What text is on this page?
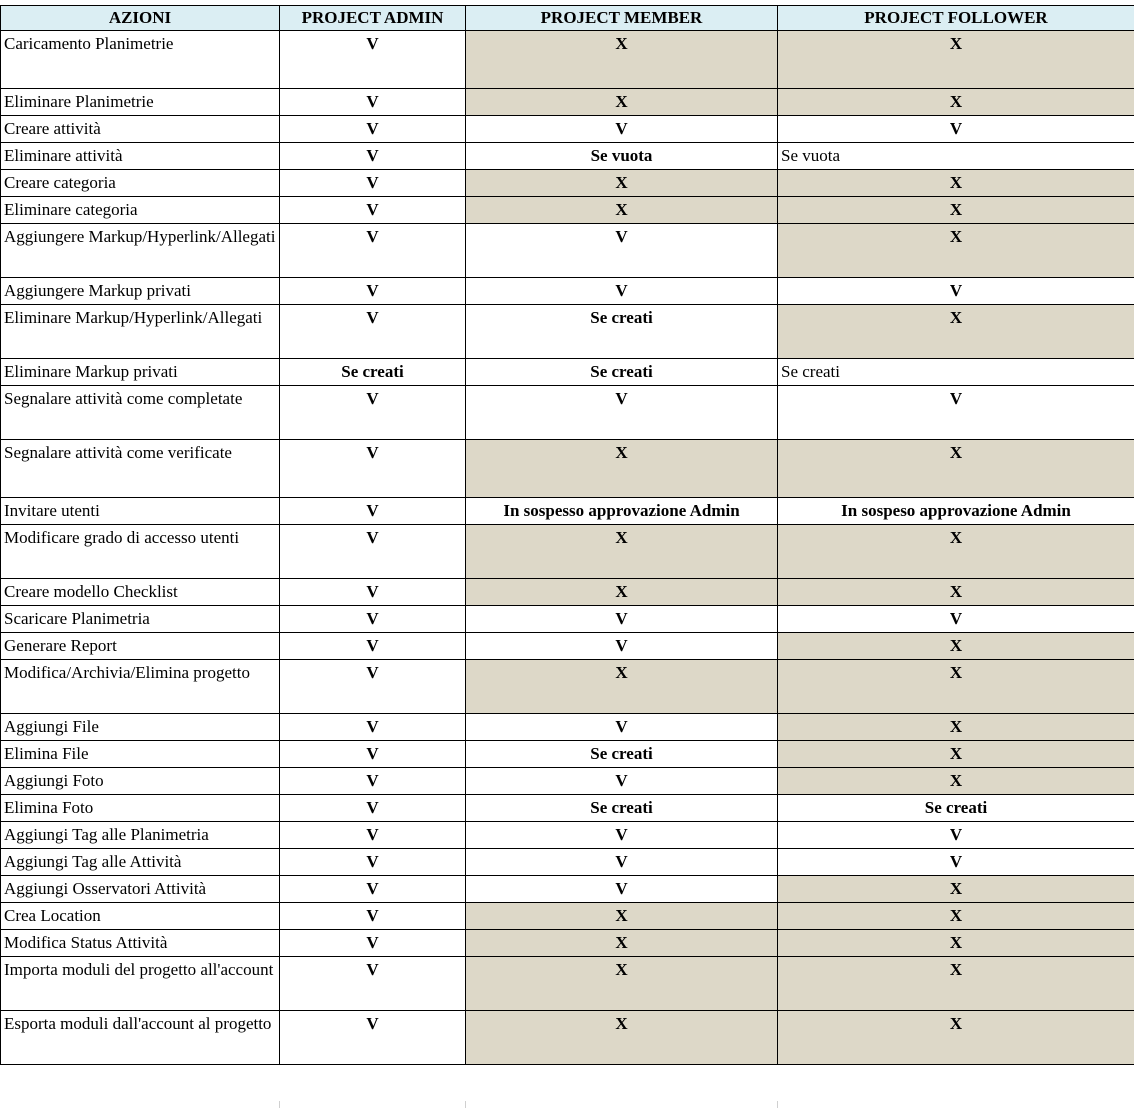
AZIONI	PROJECT ADMIN	PROJECT MEMBER	PROJECT FOLLOWER
Caricamento Planimetrie	V	X	X
Eliminare Planimetrie	V	X	X
Creare attività	V	V	V
Eliminare attività	V	Se vuota	Se vuota
Creare categoria	V	X	X
Eliminare categoria	V	X	X
Aggiungere Markup/Hyperlink/Allegati	V	V	X
Aggiungere Markup privati	V	V	V
Eliminare Markup/Hyperlink/Allegati	V	Se creati	X
Eliminare Markup privati	Se creati	Se creati	Se creati
Segnalare attività come completate	V	V	V
Segnalare attività come verificate	V	X	X
Invitare utenti	V	In sospesso approvazione Admin	In sospeso approvazione Admin
Modificare grado di accesso utenti	V	X	X
Creare modello Checklist	V	X	X
Scaricare Planimetria	V	V	V
Generare Report	V	V	X
Modifica/Archivia/Elimina progetto	V	X	X
Aggiungi File	V	V	X
Elimina File	V	Se creati	X
Aggiungi Foto	V	V	X
Elimina Foto	V	Se creati	Se creati
Aggiungi Tag alle Planimetria	V	V	V
Aggiungi Tag alle Attività	V	V	V
Aggiungi Osservatori Attività	V	V	X
Crea Location	V	X	X
Modifica Status Attività	V	X	X
Importa moduli del progetto all'account	V	X	X
Esporta moduli dall'account al progetto	V	X	X
